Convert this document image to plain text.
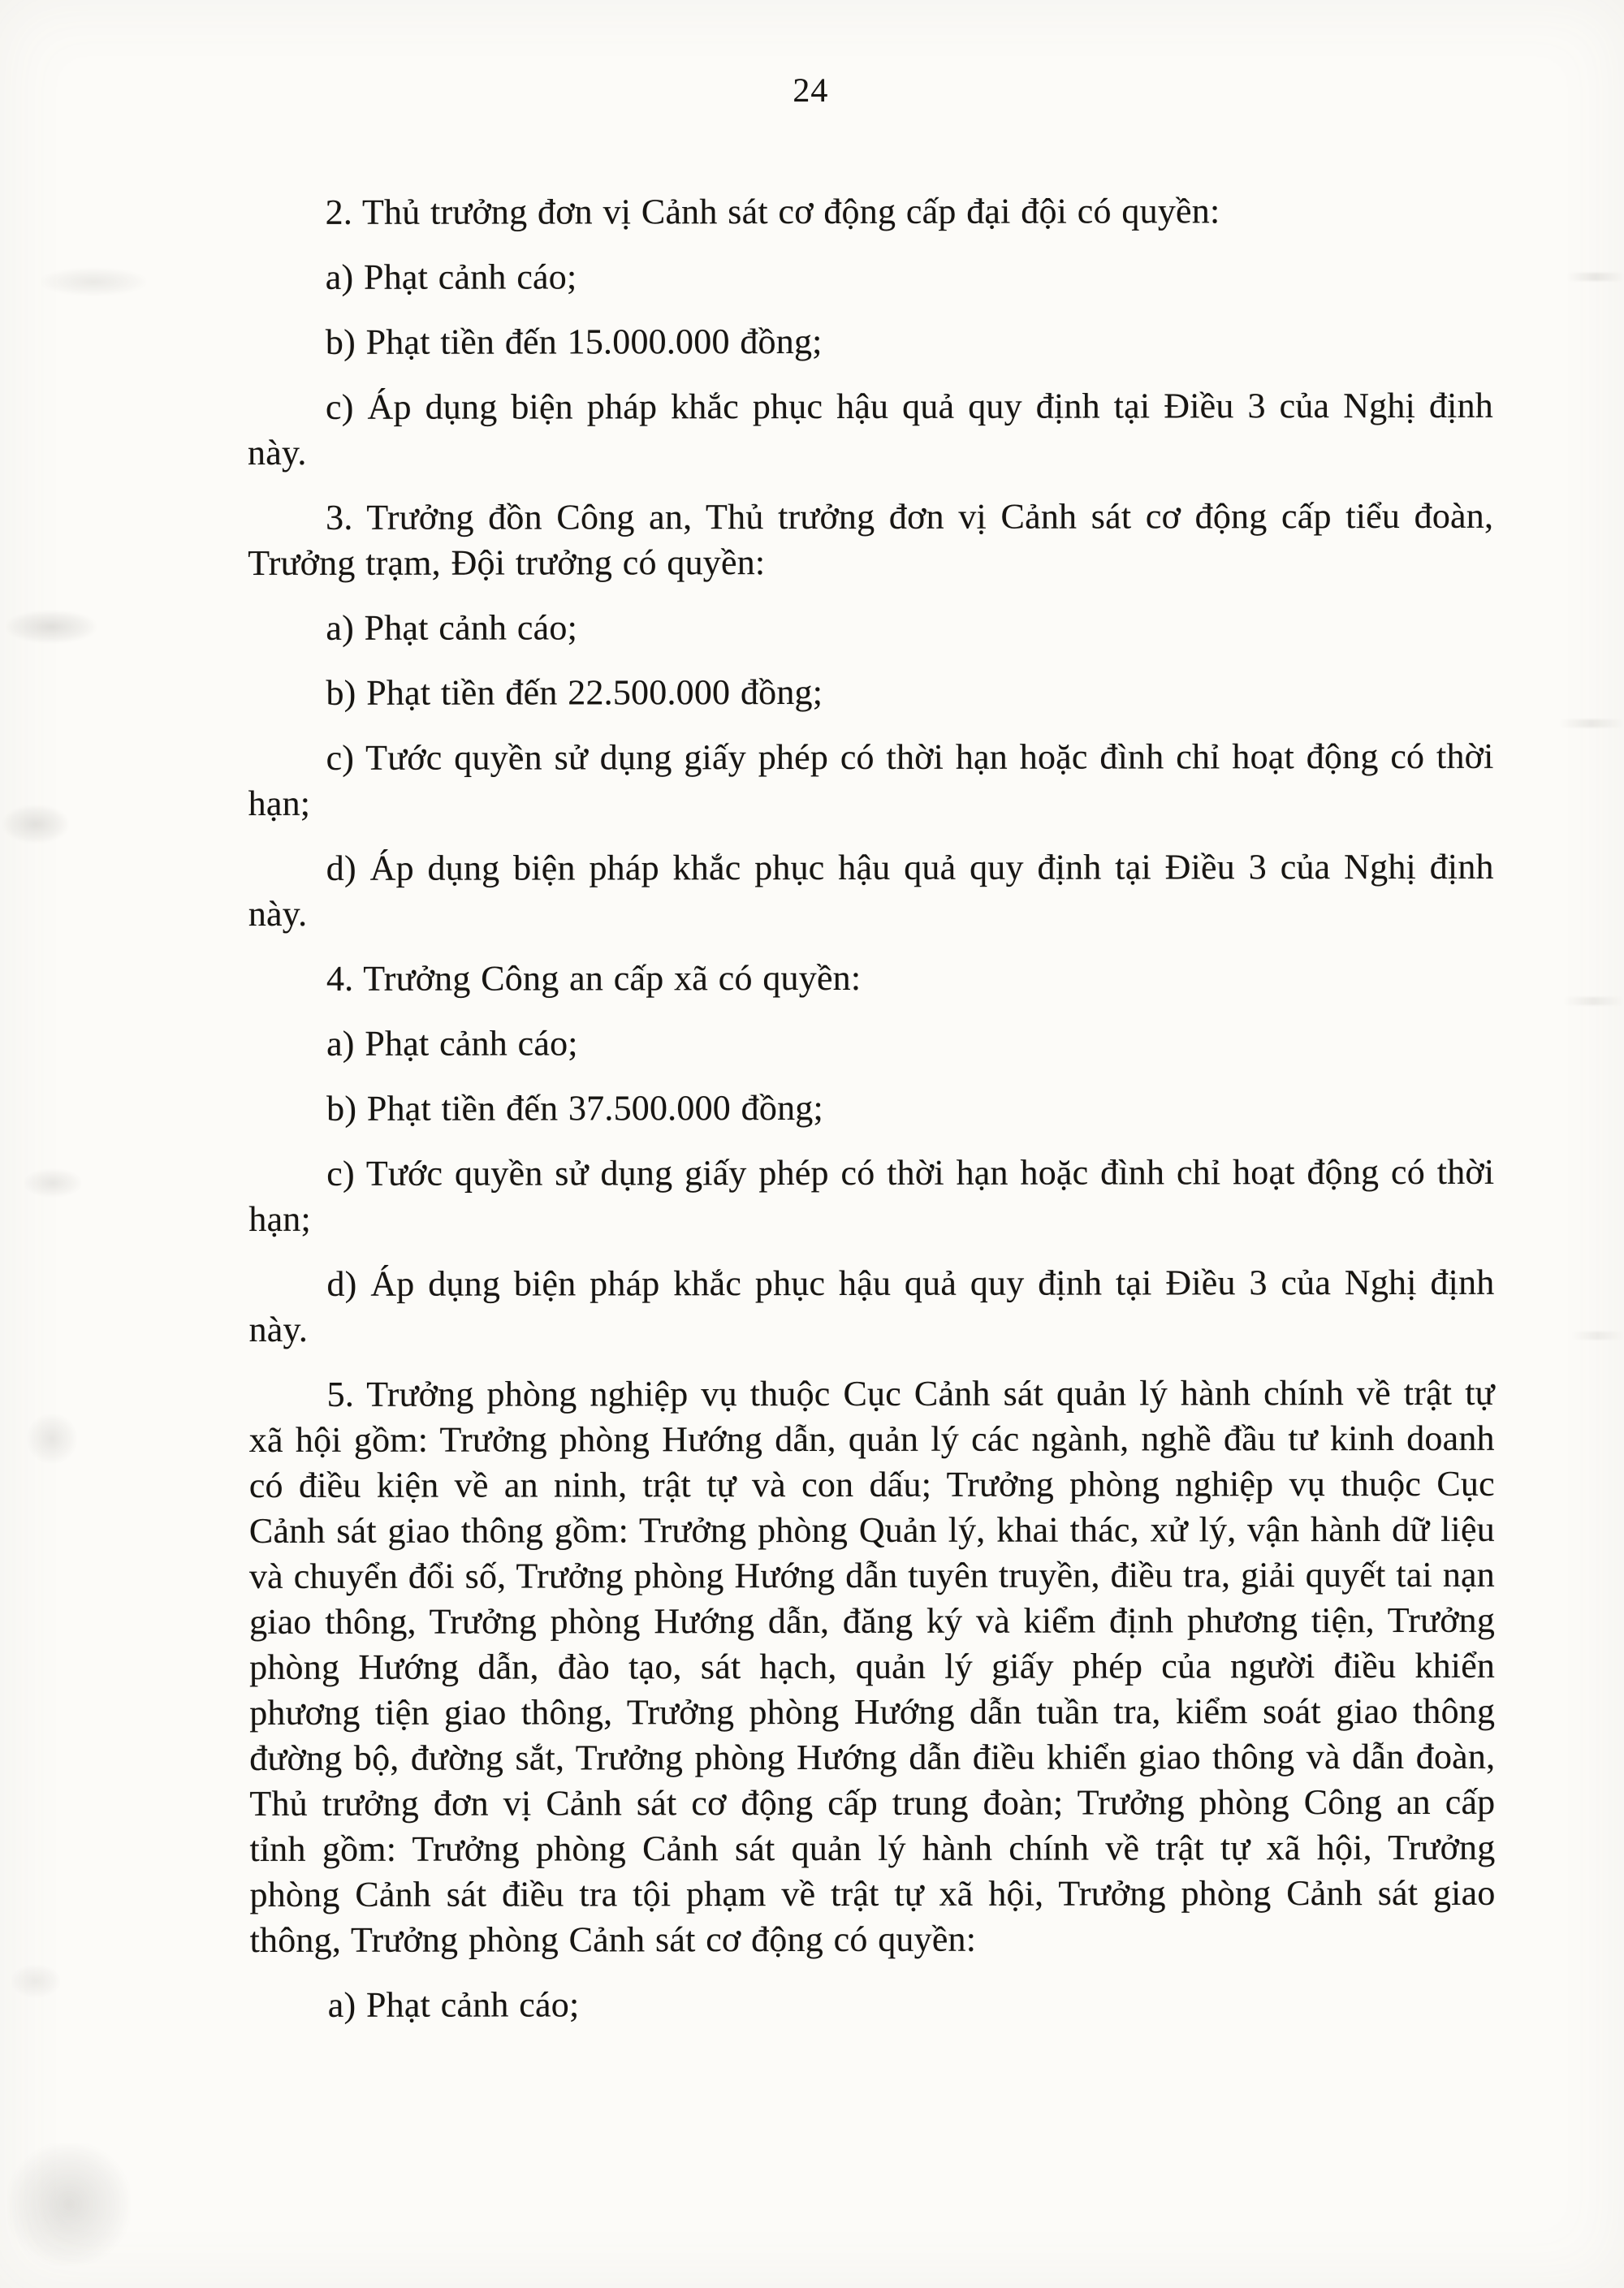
24

2. Thủ trưởng đơn vị Cảnh sát cơ động cấp đại đội có quyền:

a) Phạt cảnh cáo;

b) Phạt tiền đến 15.000.000 đồng;

c) Áp dụng biện pháp khắc phục hậu quả quy định tại Điều 3 của Nghị định này.

3. Trưởng đồn Công an, Thủ trưởng đơn vị Cảnh sát cơ động cấp tiểu đoàn, Trưởng trạm, Đội trưởng có quyền:

a) Phạt cảnh cáo;

b) Phạt tiền đến 22.500.000 đồng;

c) Tước quyền sử dụng giấy phép có thời hạn hoặc đình chỉ hoạt động có thời hạn;

d) Áp dụng biện pháp khắc phục hậu quả quy định tại Điều 3 của Nghị định này.

4. Trưởng Công an cấp xã có quyền:

a) Phạt cảnh cáo;

b) Phạt tiền đến 37.500.000 đồng;

c) Tước quyền sử dụng giấy phép có thời hạn hoặc đình chỉ hoạt động có thời hạn;

d) Áp dụng biện pháp khắc phục hậu quả quy định tại Điều 3 của Nghị định này.

5. Trưởng phòng nghiệp vụ thuộc Cục Cảnh sát quản lý hành chính về trật tự xã hội gồm: Trưởng phòng Hướng dẫn, quản lý các ngành, nghề đầu tư kinh doanh có điều kiện về an ninh, trật tự và con dấu; Trưởng phòng nghiệp vụ thuộc Cục Cảnh sát giao thông gồm: Trưởng phòng Quản lý, khai thác, xử lý, vận hành dữ liệu và chuyển đổi số, Trưởng phòng Hướng dẫn tuyên truyền, điều tra, giải quyết tai nạn giao thông, Trưởng phòng Hướng dẫn, đăng ký và kiểm định phương tiện, Trưởng phòng Hướng dẫn, đào tạo, sát hạch, quản lý giấy phép của người điều khiển phương tiện giao thông, Trưởng phòng Hướng dẫn tuần tra, kiểm soát giao thông đường bộ, đường sắt, Trưởng phòng Hướng dẫn điều khiển giao thông và dẫn đoàn, Thủ trưởng đơn vị Cảnh sát cơ động cấp trung đoàn; Trưởng phòng Công an cấp tỉnh gồm: Trưởng phòng Cảnh sát quản lý hành chính về trật tự xã hội, Trưởng phòng Cảnh sát điều tra tội phạm về trật tự xã hội, Trưởng phòng Cảnh sát giao thông, Trưởng phòng Cảnh sát cơ động có quyền:

a) Phạt cảnh cáo;
